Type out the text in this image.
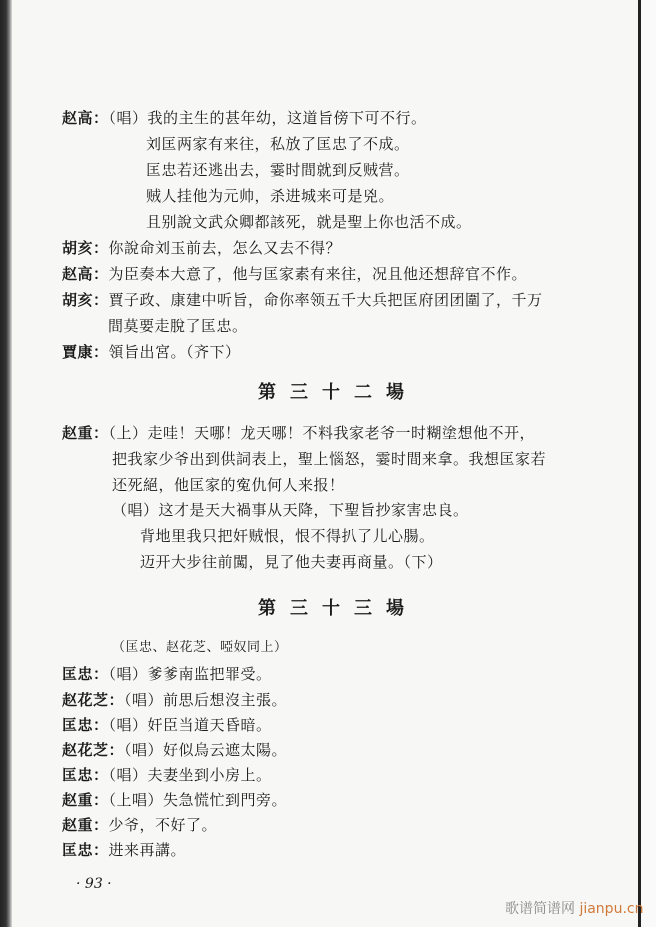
赵高：（唱）我的主生的甚年幼，这道旨傍下可不行。
刘匡两家有来往，私放了匡忠了不成。
匡忠若还逃出去，霎时間就到反贼营。
贼人挂他为元帅，杀进城来可是兇。
且别說文武众卿都該死，就是聖上你也活不成。
胡亥：你說命刘玉前去，怎么又去不得？
赵高：为臣奏本大意了，他与匡家素有来往，况且他还想辞官不作。
胡亥：賈子政、康建中听旨，命你率领五千大兵把匡府团团圍了，千万
間莫要走脫了匡忠。
賈康：領旨出宮。（齐下）
第三十二場
赵重：（上）走哇！天哪！龙天哪！不料我家老爷一时糊塗想他不开，
把我家少爷出到供詞表上，聖上惱怒，霎时間来拿。我想匡家若
还死絕，他匡家的寃仇何人来报！
（唱）这才是天大禍事从天降，下聖旨抄家害忠良。
背地里我只把奸贼恨，恨不得扒了儿心腸。
迈开大步往前闖，見了他夫妻再商量。（下）
第三十三場
（匡忠、赵花芝、啞奴同上）
匡忠：（唱）爹爹南监把罪受。
赵花芝：（唱）前思后想沒主張。
匡忠：（唱）奸臣当道天昏暗。
赵花芝：（唱）好似烏云遮太陽。
匡忠：（唱）夫妻坐到小房上。
赵重：（上唱）失急慌忙到門旁。
赵重：少爷，不好了。
匡忠：进来再講。
· 93 ·
歌谱简谱网 jianpu.cn
